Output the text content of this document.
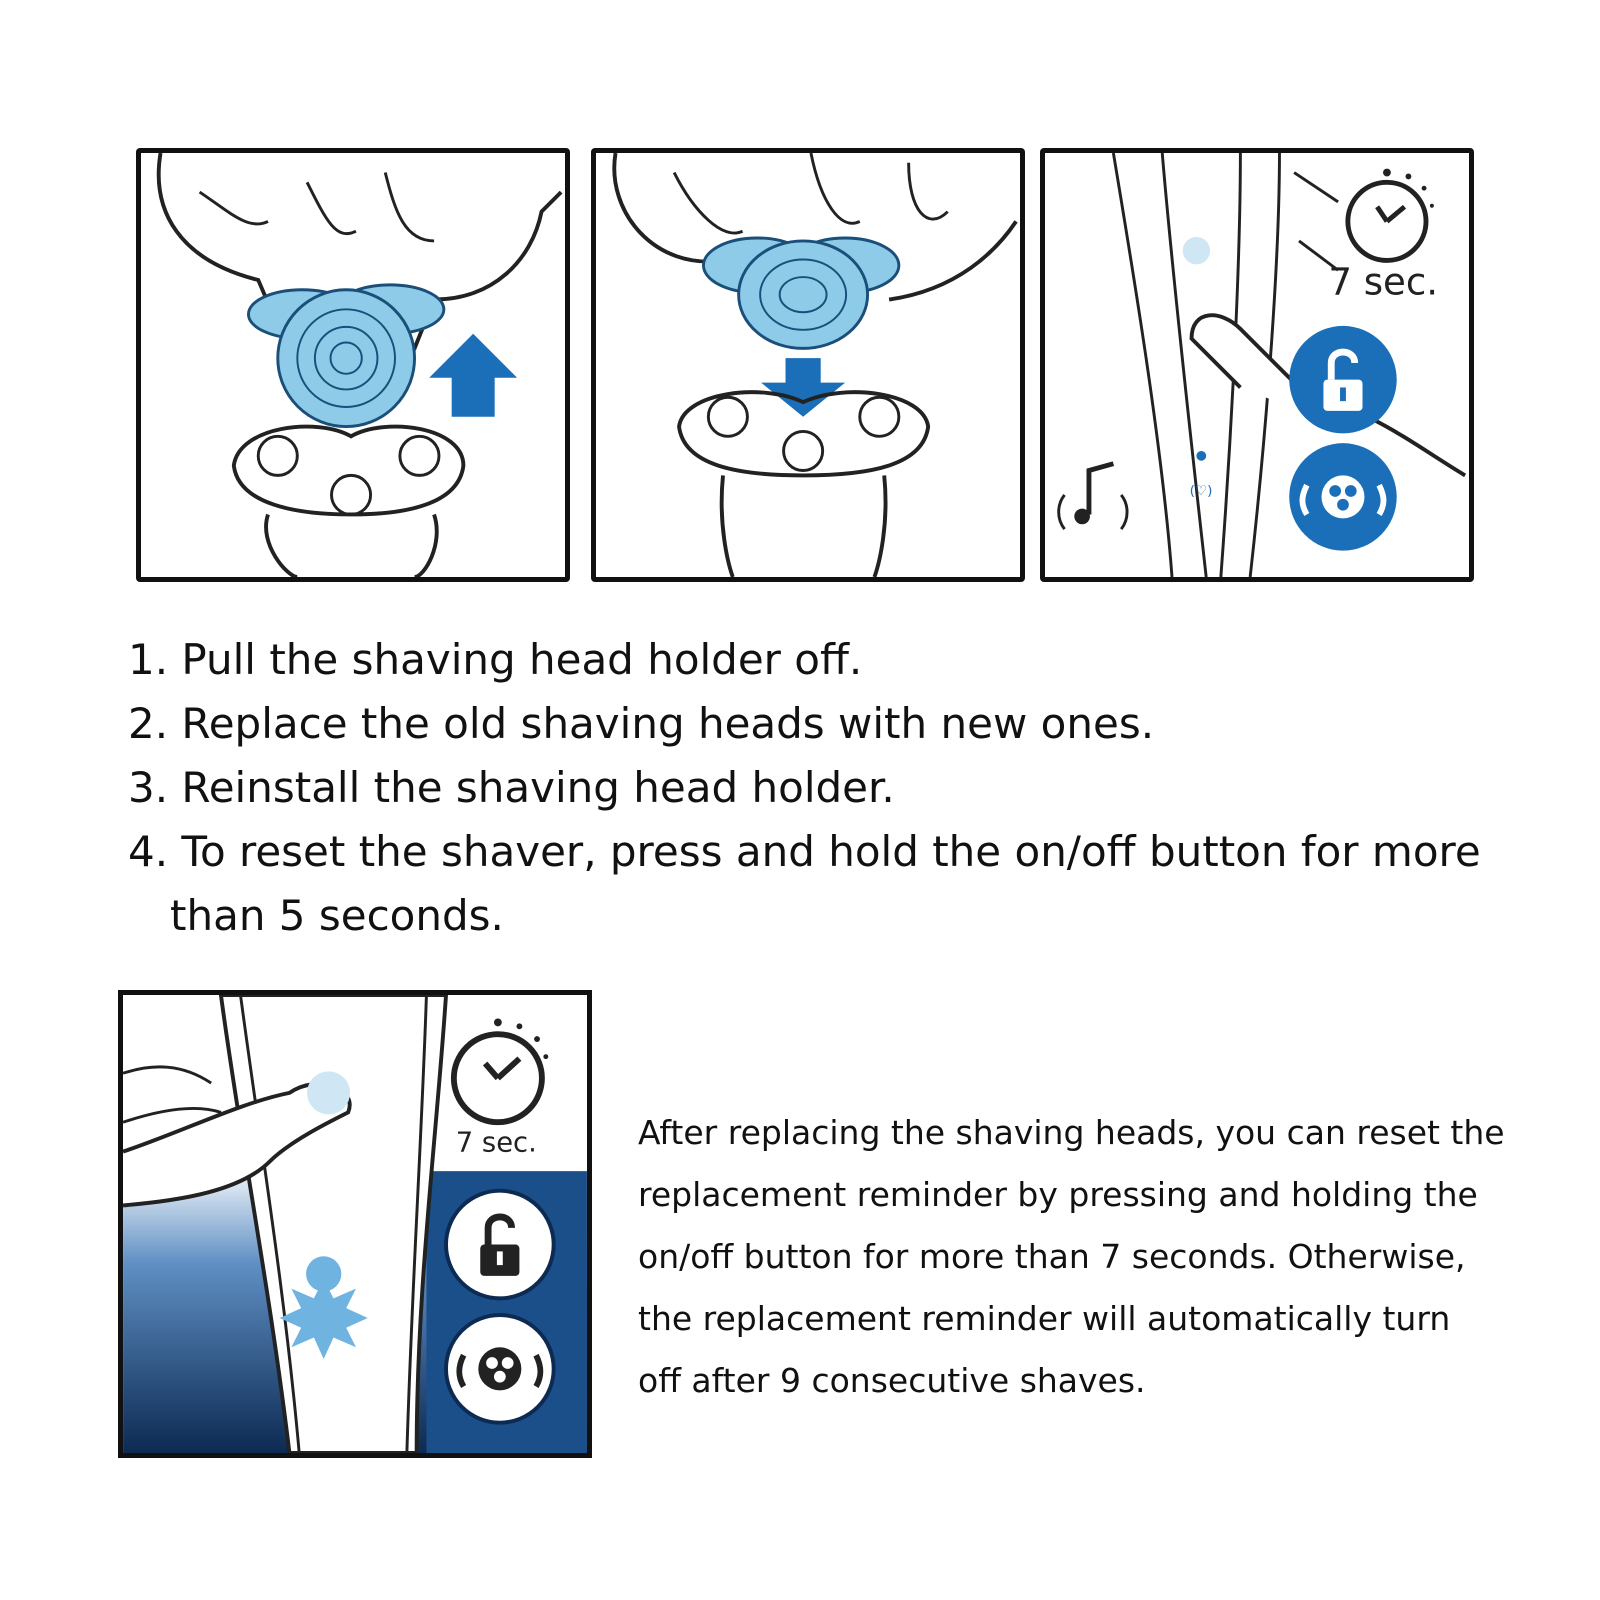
7 sec.
(♡)
1. Pull the shaving head holder off.
2. Replace the old shaving heads with new ones.
3. Reinstall the shaving head holder.
4. To reset the shaver, press and hold the on/off button for more
than 5 seconds.
7 sec.	After replacing the shaving heads, you can reset the
replacement reminder by pressing and holding the
on/off button for more than 7 seconds. Otherwise,
the replacement reminder will automatically turn
off after 9 consecutive shaves.
